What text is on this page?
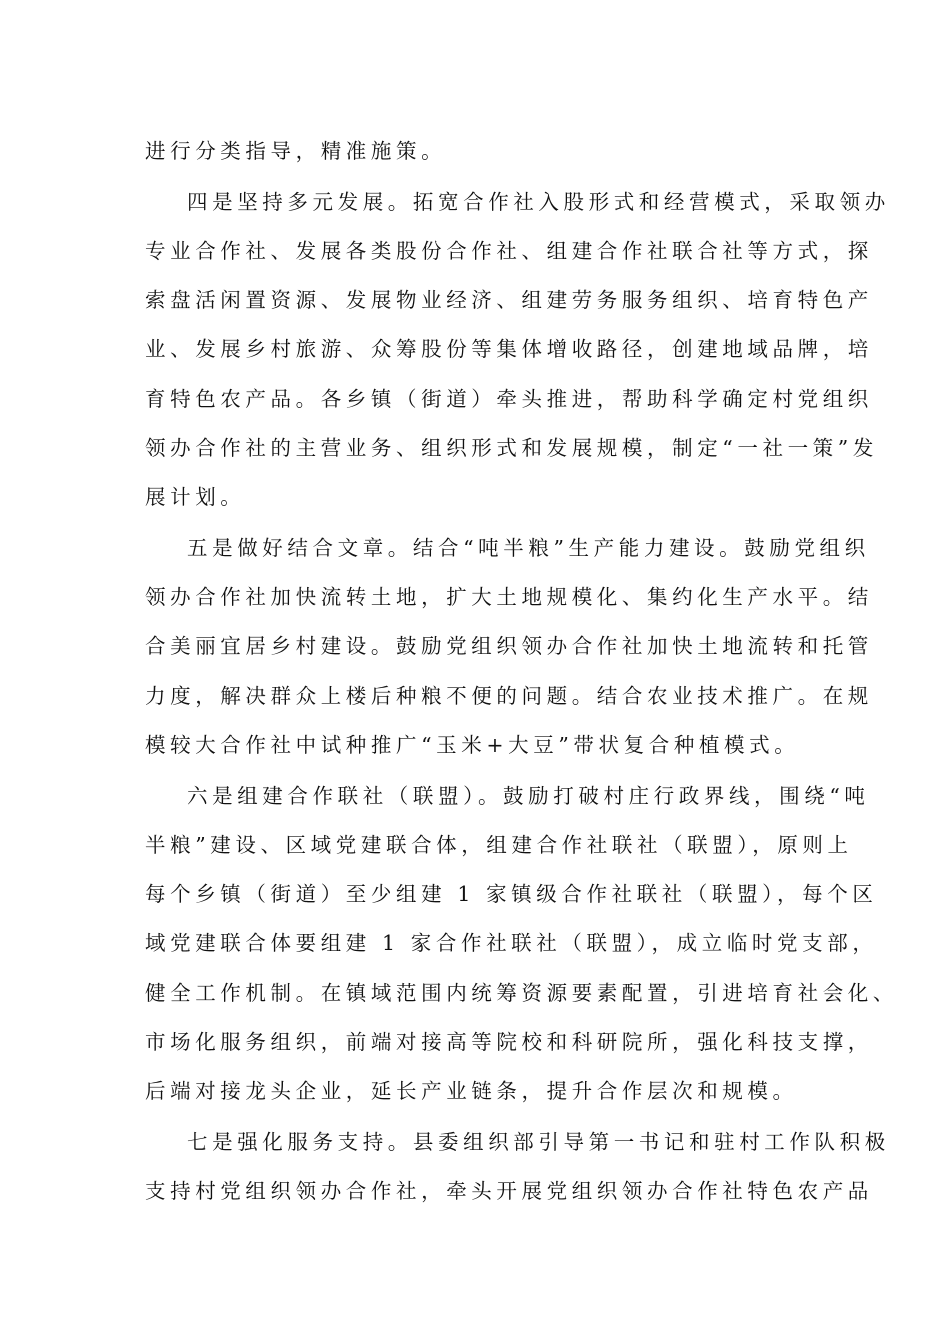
进行分类指导，精准施策。
四是坚持多元发展。拓宽合作社入股形式和经营模式，采取领办
专业合作社、发展各类股份合作社、组建合作社联合社等方式，探
索盘活闲置资源、发展物业经济、组建劳务服务组织、培育特色产
业、发展乡村旅游、众筹股份等集体增收路径，创建地域品牌，培
育特色农产品。各乡镇（街道）牵头推进，帮助科学确定村党组织
领办合作社的主营业务、组织形式和发展规模，制定“一社一策”发
展计划。
五是做好结合文章。结合“吨半粮”生产能力建设。鼓励党组织
领办合作社加快流转土地，扩大土地规模化、集约化生产水平。结
合美丽宜居乡村建设。鼓励党组织领办合作社加快土地流转和托管
力度，解决群众上楼后种粮不便的问题。结合农业技术推广。在规
模较大合作社中试种推广“玉米+大豆”带状复合种植模式。
六是组建合作联社（联盟）。鼓励打破村庄行政界线，围绕“吨
半粮”建设、区域党建联合体，组建合作社联社（联盟），原则上
每个乡镇（街道）至少组建 1 家镇级合作社联社（联盟），每个区
域党建联合体要组建 1 家合作社联社（联盟），成立临时党支部，
健全工作机制。在镇域范围内统筹资源要素配置，引进培育社会化、
市场化服务组织，前端对接高等院校和科研院所，强化科技支撑，
后端对接龙头企业，延长产业链条，提升合作层次和规模。
七是强化服务支持。县委组织部引导第一书记和驻村工作队积极
支持村党组织领办合作社，牵头开展党组织领办合作社特色农产品
